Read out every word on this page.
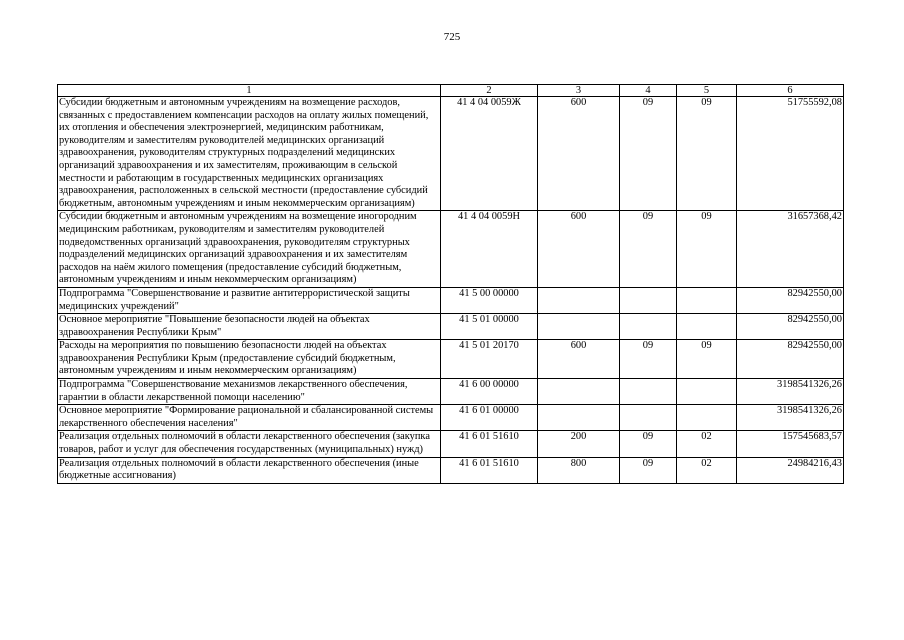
725
1	2	3	4	5	6
Субсидии бюджетным и автономным учреждениям на возмещение расходов, связанных с предоставлением компенсации расходов на оплату жилых помещений, их отопления и обеспечения электроэнергией, медицинским работникам, руководителям и заместителям руководителей медицинских организаций здравоохранения, руководителям структурных подразделений медицинских организаций здравоохранения и их заместителям, проживающим в сельской местности и работающим в государственных медицинских организациях здравоохранения, расположенных в сельской местности (предоставление субсидий бюджетным, автономным учреждениям и иным некоммерческим организациям)	41 4 04 0059Ж	600	09	09	51755592,08
Субсидии бюджетным и автономным учреждениям на возмещение иногородним медицинским работникам, руководителям и заместителям руководителей подведомственных организаций здравоохранения, руководителям структурных подразделений медицинских организаций здравоохранения и их заместителям расходов на наём жилого помещения (предоставление субсидий бюджетным, автономным учреждениям и иным некоммерческим организациям)	41 4 04 0059Н	600	09	09	31657368,42
Подпрограмма "Совершенствование и развитие антитеррористической защиты медицинских учреждений"	41 5 00 00000				82942550,00
Основное мероприятие "Повышение безопасности людей на объектах здравоохранения Республики Крым"	41 5 01 00000				82942550,00
Расходы на мероприятия по повышению безопасности людей на объектах здравоохранения Республики Крым (предоставление субсидий бюджетным, автономным учреждениям и иным некоммерческим организациям)	41 5 01 20170	600	09	09	82942550,00
Подпрограмма "Совершенствование механизмов лекарственного обеспечения, гарантии в области лекарственной помощи населению"	41 6 00 00000				3198541326,26
Основное мероприятие "Формирование рациональной и сбалансированной системы лекарственного обеспечения населения"	41 6 01 00000				3198541326,26
Реализация отдельных полномочий в области лекарственного обеспечения (закупка товаров, работ и услуг для обеспечения государственных (муниципальных) нужд)	41 6 01 51610	200	09	02	157545683,57
Реализация отдельных полномочий в области лекарственного обеспечения (иные бюджетные ассигнования)	41 6 01 51610	800	09	02	24984216,43
